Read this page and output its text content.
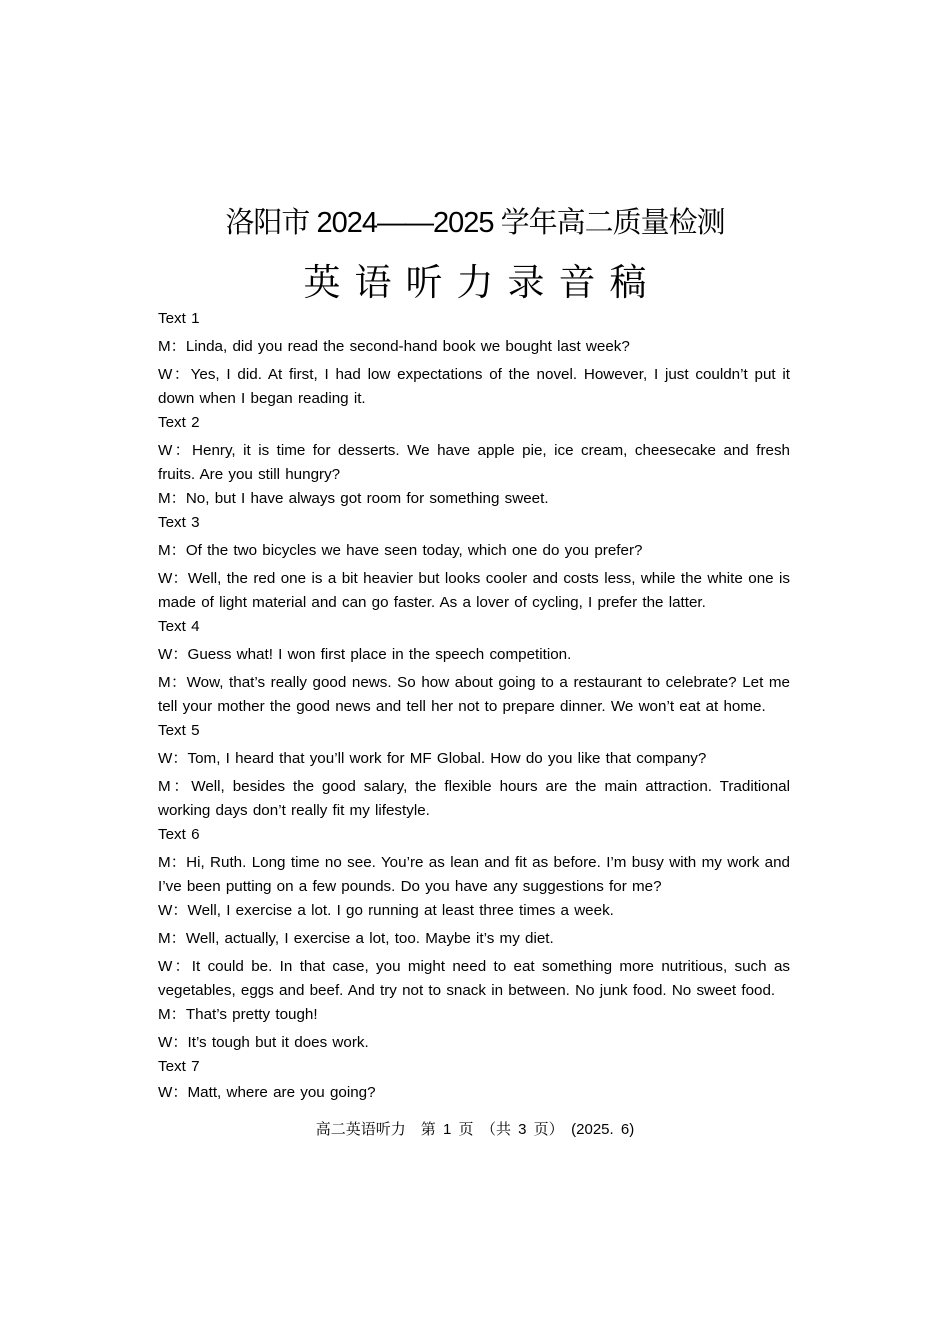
洛阳市 2024——2025 学年高二质量检测
英语听力录音稿

Text 1

M：Linda, did you read the second-hand book we bought last week?

W：Yes, I did. At first, I had low expectations of the novel. However, I just couldn’t put it down when I began reading it.

Text 2

W：Henry, it is time for desserts. We have apple pie, ice cream, cheesecake and fresh fruits. Are you still hungry?

M：No, but I have always got room for something sweet.

Text 3

M：Of the two bicycles we have seen today, which one do you prefer?

W：Well, the red one is a bit heavier but looks cooler and costs less, while the white one is made of light material and can go faster. As a lover of cycling, I prefer the latter.

Text 4

W：Guess what! I won first place in the speech competition.

M：Wow, that’s really good news. So how about going to a restaurant to celebrate? Let me tell your mother the good news and tell her not to prepare dinner. We won’t eat at home.

Text 5

W：Tom, I heard that you’ll work for MF Global. How do you like that company?

M：Well, besides the good salary, the flexible hours are the main attraction. Traditional working days don’t really fit my lifestyle.

Text 6

M：Hi, Ruth. Long time no see. You’re as lean and fit as before. I’m busy with my work and I’ve been putting on a few pounds. Do you have any suggestions for me?

W：Well, I exercise a lot. I go running at least three times a week.

M：Well, actually, I exercise a lot, too. Maybe it’s my diet.

W：It could be. In that case, you might need to eat something more nutritious, such as vegetables, eggs and beef. And try not to snack in between. No junk food. No sweet food.

M：That’s pretty tough!

W：It’s tough but it does work.

Text 7

W：Matt, where are you going?

高二英语听力　第 1 页　（共 3 页）　(2025. 6)
